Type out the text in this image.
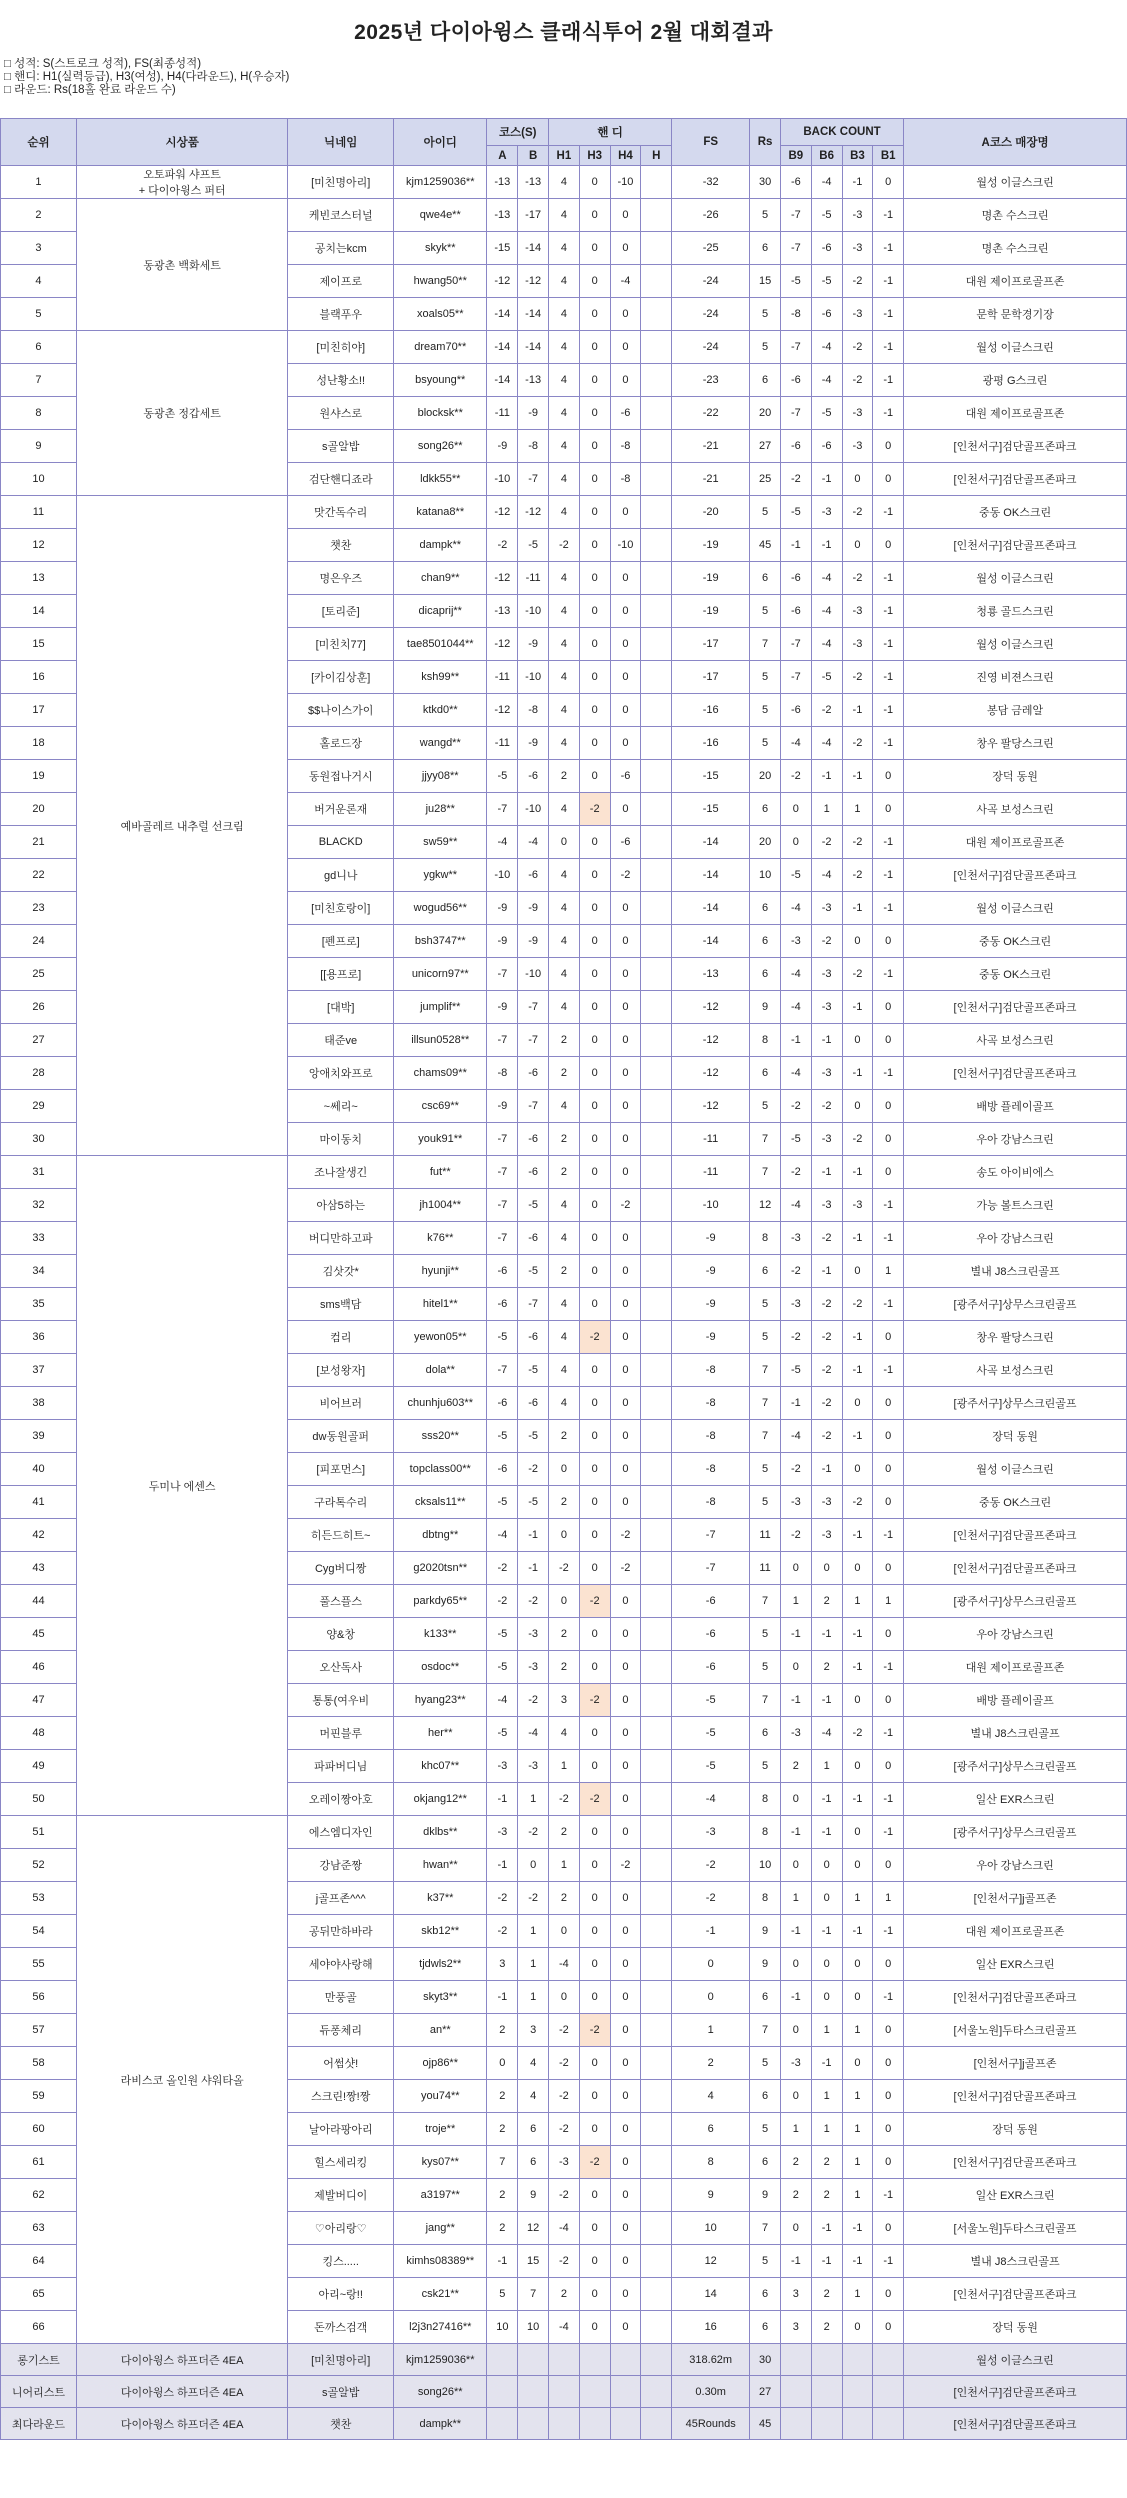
2025년 다이아윙스 클래식투어 2월 대회결과
□ 성적: S(스트로크 성적), FS(최종성적)
□ 핸디: H1(실력등급), H3(여성), H4(다라운드), H(우승자)
□ 라운드: Rs(18홀 완료 라운드 수)
순위	시상품	닉네임	아이디	코스(S)		핸 디				FS	Rs	BACK COUNT				A코스 매장명
				A	B	H1	H3	H4	H			B9	B6	B3	B1	
1	오토파워 샤프트
+ 다이아윙스 퍼터	[미친명아리]	kjm1259036**	-13	-13	4	0	-10		-32	30	-6	-4	-1	0	월성 이글스크린
2	동광촌 백화세트	케빈코스터널	qwe4e**	-13	-17	4	0	0		-26	5	-7	-5	-3	-1	명촌 수스크린
3		공치는kcm	skyk**	-15	-14	4	0	0		-25	6	-7	-6	-3	-1	명촌 수스크린
4		제이프로	hwang50**	-12	-12	4	0	-4		-24	15	-5	-5	-2	-1	대원 제이프로골프존
5		블랙푸우	xoals05**	-14	-14	4	0	0		-24	5	-8	-6	-3	-1	문학 문학경기장
6	동광촌 정갑세트	[미친히야]	dream70**	-14	-14	4	0	0		-24	5	-7	-4	-2	-1	월성 이글스크린
7		성난황소!!	bsyoung**	-14	-13	4	0	0		-23	6	-6	-4	-2	-1	광평 G스크린
8		원샤스로	blocksk**	-11	-9	4	0	-6		-22	20	-7	-5	-3	-1	대원 제이프로골프존
9		s골알밥	song26**	-9	-8	4	0	-8		-21	27	-6	-6	-3	0	[인천서구]검단골프존파크
10		검단핸디죠라	ldkk55**	-10	-7	4	0	-8		-21	25	-2	-1	0	0	[인천서구]검단골프존파크
11	예바골레르 내추럴 선크림	맛간독수리	katana8**	-12	-12	4	0	0		-20	5	-5	-3	-2	-1	중동 OK스크린
12		챗찬	dampk**	-2	-5	-2	0	-10		-19	45	-1	-1	0	0	[인천서구]검단골프존파크
13		명은우즈	chan9**	-12	-11	4	0	0		-19	6	-6	-4	-2	-1	월성 이글스크린
14		[토리준]	dicaprij**	-13	-10	4	0	0		-19	5	-6	-4	-3	-1	청룡 골드스크린
15		[미친치77]	tae8501044**	-12	-9	4	0	0		-17	7	-7	-4	-3	-1	월성 이글스크린
16		[카이김상훈]	ksh99**	-11	-10	4	0	0		-17	5	-7	-5	-2	-1	진영 비젼스크린
17		$$나이스가이	ktkd0**	-12	-8	4	0	0		-16	5	-6	-2	-1	-1	봉담 금레알
18		홀로드장	wangd**	-11	-9	4	0	0		-16	5	-4	-4	-2	-1	창우 팔당스크린
19		동원접나거시	jjyy08**	-5	-6	2	0	-6		-15	20	-2	-1	-1	0	장덕 동원
20		버거운론재	ju28**	-7	-10	4	-2	0		-15	6	0	1	1	0	사곡 보성스크린
21		BLACKD	sw59**	-4	-4	0	0	-6		-14	20	0	-2	-2	-1	대원 제이프로골프존
22		gd니나	ygkw**	-10	-6	4	0	-2		-14	10	-5	-4	-2	-1	[인천서구]검단골프존파크
23		[미친호랑이]	wogud56**	-9	-9	4	0	0		-14	6	-4	-3	-1	-1	월성 이글스크린
24		[펜프로]	bsh3747**	-9	-9	4	0	0		-14	6	-3	-2	0	0	중동 OK스크린
25		[[용프로]	unicorn97**	-7	-10	4	0	0		-13	6	-4	-3	-2	-1	중동 OK스크린
26		[대박]	jumplif**	-9	-7	4	0	0		-12	9	-4	-3	-1	0	[인천서구]검단골프존파크
27		태준ve	illsun0528**	-7	-7	2	0	0		-12	8	-1	-1	0	0	사곡 보성스크린
28		앙애치와프로	chams09**	-8	-6	2	0	0		-12	6	-4	-3	-1	-1	[인천서구]검단골프존파크
29		~쎄리~	csc69**	-9	-7	4	0	0		-12	5	-2	-2	0	0	배방 플레이골프
30		마이동치	youk91**	-7	-6	2	0	0		-11	7	-5	-3	-2	0	우아 강남스크린
31	두미나 에센스	조나잘생긴	fut**	-7	-6	2	0	0		-11	7	-2	-1	-1	0	송도 아이비에스
32		아삼5하는	jh1004**	-7	-5	4	0	-2		-10	12	-4	-3	-3	-1	가능 볼트스크린
33		버디만하고파	k76**	-7	-6	4	0	0		-9	8	-3	-2	-1	-1	우아 강남스크린
34		김삿갓*	hyunji**	-6	-5	2	0	0		-9	6	-2	-1	0	1	별내 J8스크린골프
35		sms백담	hitel1**	-6	-7	4	0	0		-9	5	-3	-2	-2	-1	[광주서구]상무스크린골프
36		컴리	yewon05**	-5	-6	4	-2	0		-9	5	-2	-2	-1	0	창우 팔당스크린
37		[보성왕자]	dola**	-7	-5	4	0	0		-8	7	-5	-2	-1	-1	사곡 보성스크린
38		비어브러	chunhju603**	-6	-6	4	0	0		-8	7	-1	-2	0	0	[광주서구]상무스크린골프
39		dw동원골퍼	sss20**	-5	-5	2	0	0		-8	7	-4	-2	-1	0	장덕 동원
40		[피포먼스]	topclass00**	-6	-2	0	0	0		-8	5	-2	-1	0	0	월성 이글스크린
41		구라톡수리	cksals11**	-5	-5	2	0	0		-8	5	-3	-3	-2	0	중동 OK스크린
42		히든드히트~	dbtng**	-4	-1	0	0	-2		-7	11	-2	-3	-1	-1	[인천서구]검단골프존파크
43		Cyg버디짱	g2020tsn**	-2	-1	-2	0	-2		-7	11	0	0	0	0	[인천서구]검단골프존파크
44		풀스플스	parkdy65**	-2	-2	0	-2	0		-6	7	1	2	1	1	[광주서구]상무스크린골프
45		양&창	k133**	-5	-3	2	0	0		-6	5	-1	-1	-1	0	우아 강남스크린
46		오산독사	osdoc**	-5	-3	2	0	0		-6	5	0	2	-1	-1	대원 제이프로골프존
47		통통(여우비	hyang23**	-4	-2	3	-2	0		-5	7	-1	-1	0	0	배방 플레이골프
48		머핀블루	her**	-5	-4	4	0	0		-5	6	-3	-4	-2	-1	별내 J8스크린골프
49		파파버디님	khc07**	-3	-3	1	0	0		-5	5	2	1	0	0	[광주서구]상무스크린골프
50		오레이짱아호	okjang12**	-1	1	-2	-2	0		-4	8	0	-1	-1	-1	일산 EXR스크린
51	라비스코 올인원 샤워타올	에스엠디자인	dklbs**	-3	-2	2	0	0		-3	8	-1	-1	0	-1	[광주서구]상무스크린골프
52		강남준짱	hwan**	-1	0	1	0	-2		-2	10	0	0	0	0	우아 강남스크린
53		j골프존^^^	k37**	-2	-2	2	0	0		-2	8	1	0	1	1	[인천서구]j골프존
54		공뒤만하바라	skb12**	-2	1	0	0	0		-1	9	-1	-1	-1	-1	대원 제이프로골프존
55		세야야사랑해	tjdwls2**	3	1	-4	0	0		0	9	0	0	0	0	일산 EXR스크린
56		만풍골	skyt3**	-1	1	0	0	0		0	6	-1	0	0	-1	[인천서구]검단골프존파크
57		듀퐁체리	an**	2	3	-2	-2	0		1	7	0	1	1	0	[서울노원]두타스크린골프
58		어썸샷!	ojp86**	0	4	-2	0	0		2	5	-3	-1	0	0	[인천서구]j골프존
59		스크린!짱!짱	you74**	2	4	-2	0	0		4	6	0	1	1	0	[인천서구]검단골프존파크
60		날아라팡아리	troje**	2	6	-2	0	0		6	5	1	1	1	0	장덕 동원
61		힐스세리킹	kys07**	7	6	-3	-2	0		8	6	2	2	1	0	[인천서구]검단골프존파크
62		제발버디이	a3197**	2	9	-2	0	0		9	9	2	2	1	-1	일산 EXR스크린
63		♡아리랑♡	jang**	2	12	-4	0	0		10	7	0	-1	-1	0	[서울노원]두타스크린골프
64		킹스.....	kimhs08389**	-1	15	-2	0	0		12	5	-1	-1	-1	-1	별내 J8스크린골프
65		아리~랑!!	csk21**	5	7	2	0	0		14	6	3	2	1	0	[인천서구]검단골프존파크
66		돈까스검객	l2j3n27416**	10	10	-4	0	0		16	6	3	2	0	0	장덕 동원
롱기스트	다이아윙스 하프더즌 4EA	[미친명아리]	kjm1259036**							318.62m	30					월성 이글스크린
니어리스트	다이아윙스 하프더즌 4EA	s골알밥	song26**							0.30m	27					[인천서구]검단골프존파크
최다라운드	다이아윙스 하프더즌 4EA	챗찬	dampk**							45Rounds	45					[인천서구]검단골프존파크
